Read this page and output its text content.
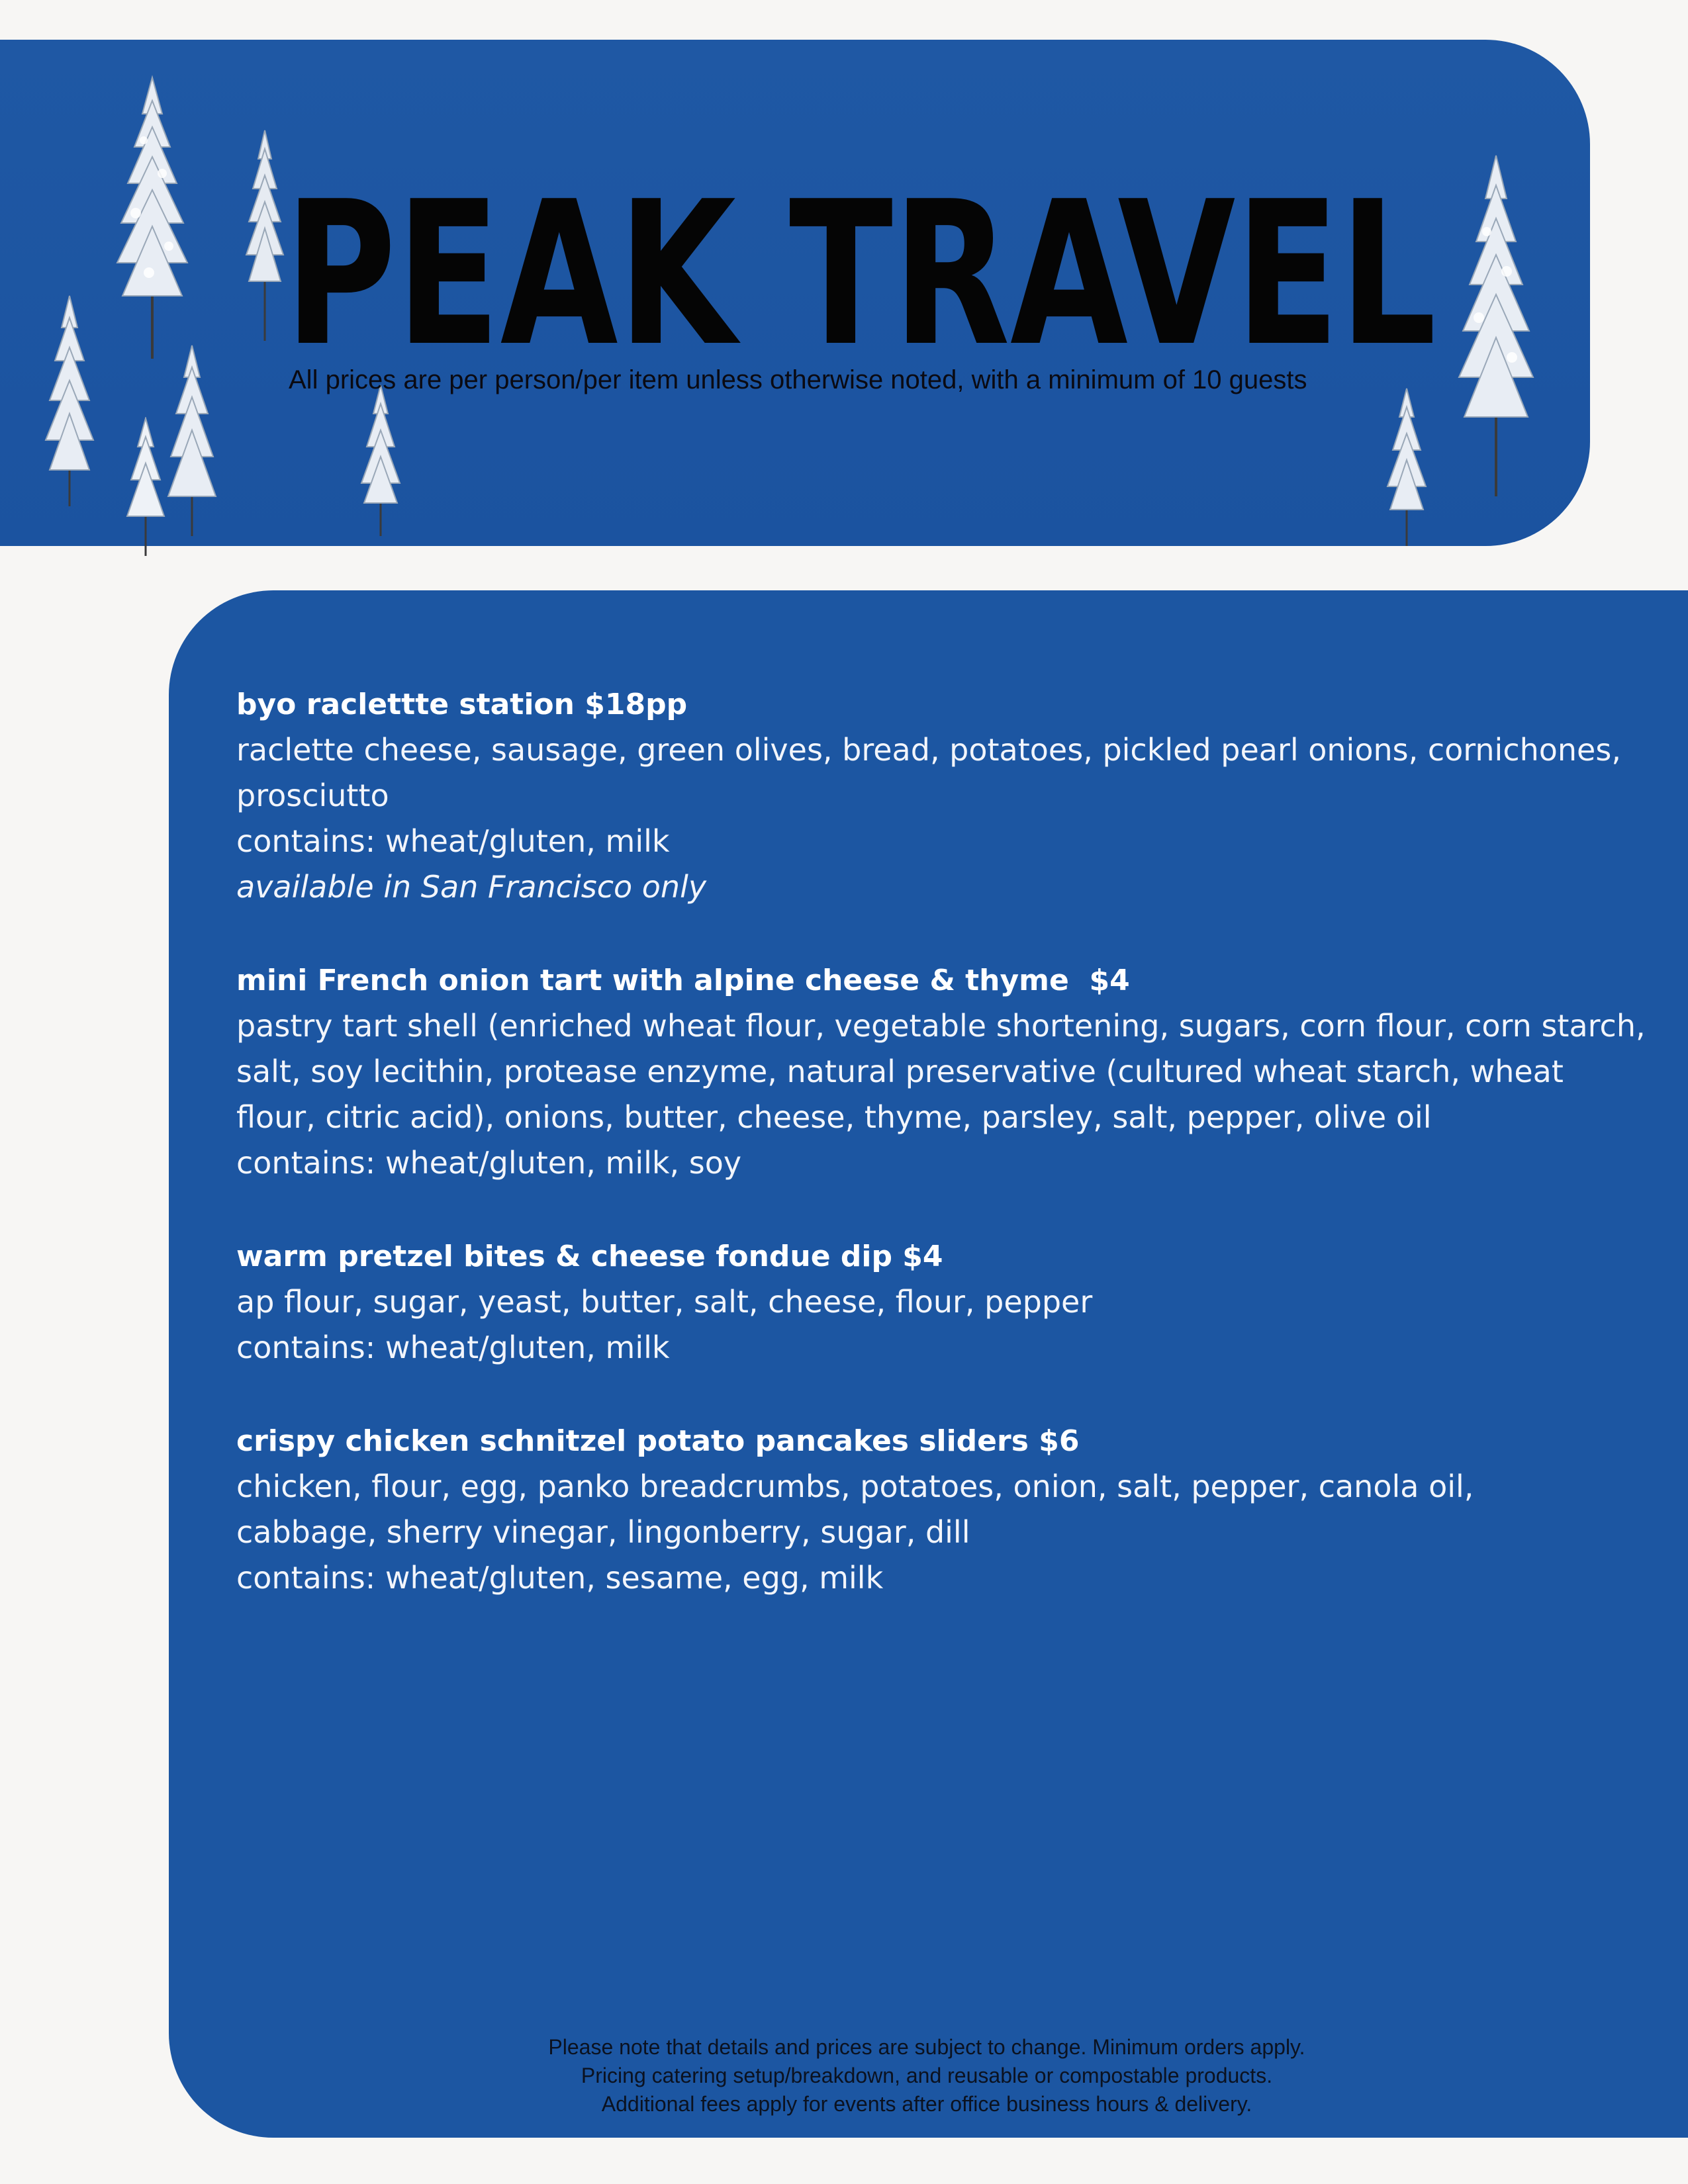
PEAK TRAVEL
All prices are per person/per item unless otherwise noted, with a minimum of 10 guests
byo raclettte station $18pp
raclette cheese, sausage, green olives, bread, potatoes, pickled pearl onions, cornichones,
prosciutto
contains: wheat/gluten, milk
available in San Francisco only
mini French onion tart with alpine cheese & thyme  $4
pastry tart shell (enriched wheat flour, vegetable shortening, sugars, corn flour, corn starch,
salt, soy lecithin, protease enzyme, natural preservative (cultured wheat starch, wheat
flour, citric acid), onions, butter, cheese, thyme, parsley, salt, pepper, olive oil
contains: wheat/gluten, milk, soy
warm pretzel bites & cheese fondue dip $4
ap flour, sugar, yeast, butter, salt, cheese, flour, pepper
contains: wheat/gluten, milk
crispy chicken schnitzel potato pancakes sliders $6
chicken, flour, egg, panko breadcrumbs, potatoes, onion, salt, pepper, canola oil,
cabbage, sherry vinegar, lingonberry, sugar, dill
contains: wheat/gluten, sesame, egg, milk
Please note that details and prices are subject to change. Minimum orders apply.
Pricing catering setup/breakdown, and reusable or compostable products.
Additional fees apply for events after office business hours & delivery.
